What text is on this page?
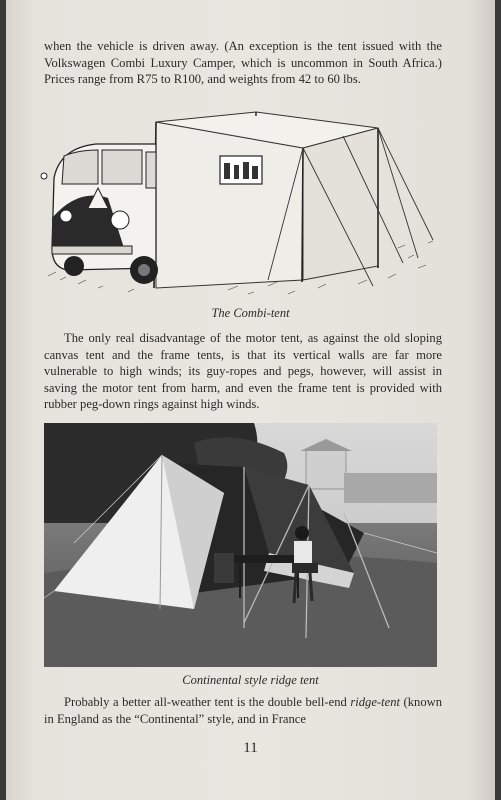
when the vehicle is driven away. (An exception is the tent issued with the Volkswagen Combi Luxury Camper, which is uncommon in South Africa.) Prices range from R75 to R100, and weights from 42 to 60 lbs.

The Combi-tent

The only real disadvantage of the motor tent, as against the old sloping canvas tent and the frame tents, is that its vertical walls are far more vulnerable to high winds; its guy-ropes and pegs, however, will assist in saving the motor tent from harm, and even the frame tent is provided with rubber peg-down rings against high winds.

Continental style ridge tent

Probably a better all-weather tent is the double bell-end ridge-tent (known in England as the “Continental” style, and in France

11
